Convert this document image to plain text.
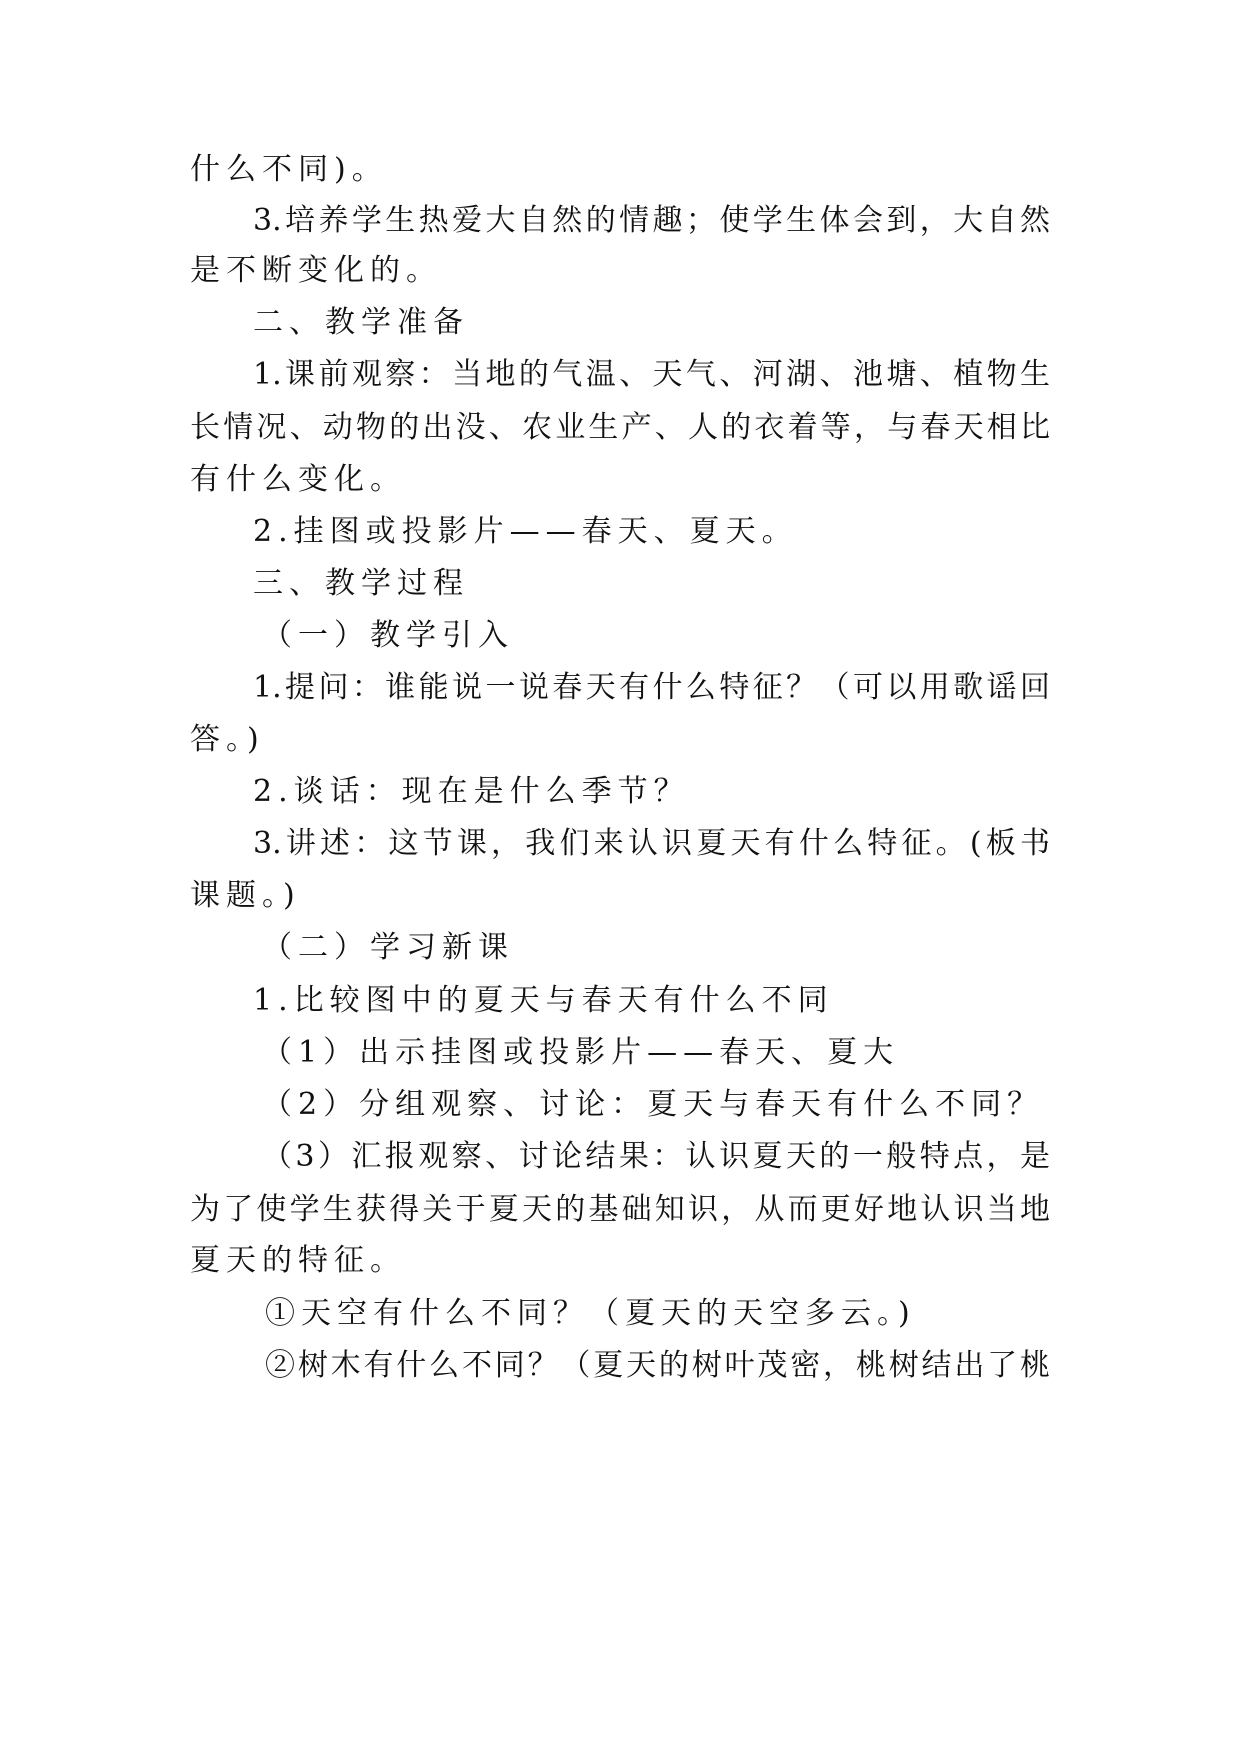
什么不同)。
3.培养学生热爱大自然的情趣；使学生体会到，大自然
是不断变化的。
二、教学准备
1.课前观察：当地的气温、天气、河湖、池塘、植物生
长情况、动物的出没、农业生产、人的衣着等，与春天相比
有什么变化。
2.挂图或投影片——春天、夏天。
三、教学过程
（一）教学引入
1.提问：谁能说一说春天有什么特征？（可以用歌谣回
答。)
2.谈话：现在是什么季节？
3.讲述：这节课，我们来认识夏天有什么特征。(板书
课题。)
（二）学习新课
1.比较图中的夏天与春天有什么不同
（1）出示挂图或投影片——春天、夏大
（2）分组观察、讨论：夏天与春天有什么不同？
（3）汇报观察、讨论结果：认识夏天的一般特点，是
为了使学生获得关于夏天的基础知识，从而更好地认识当地
夏天的特征。
①天空有什么不同？（夏天的天空多云。)
②树木有什么不同？（夏天的树叶茂密，桃树结出了桃
